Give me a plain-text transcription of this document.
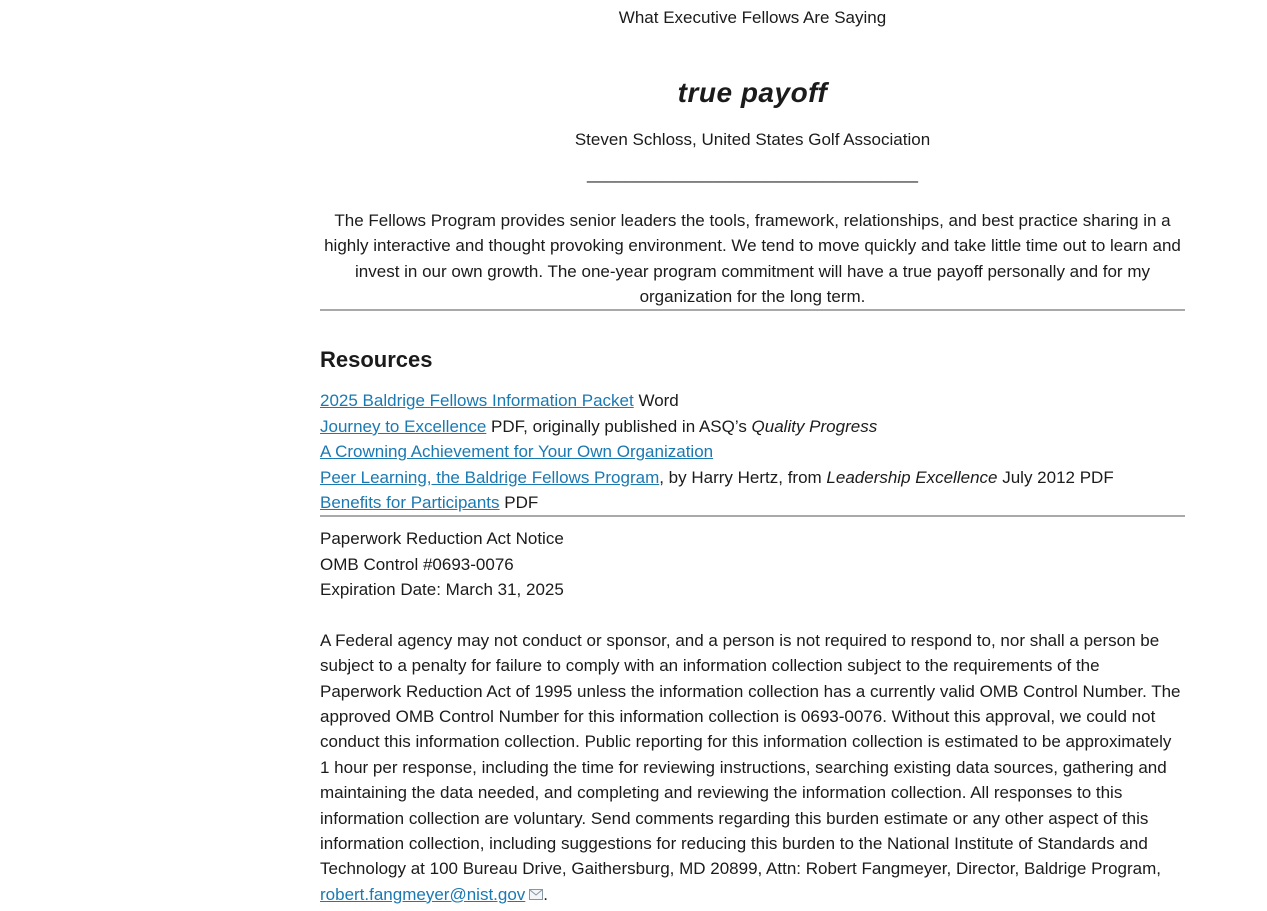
What Executive Fellows Are Saying

true payoff

Steven Schloss, United States Golf Association

___________________________________

The Fellows Program provides senior leaders the tools, framework, relationships, and best practice sharing in a highly interactive and thought provoking environment. We tend to move quickly and take little time out to learn and invest in our own growth. The one-year program commitment will have a true payoff personally and for my organization for the long term.

Resources

2025 Baldrige Fellows Information Packet Word

Journey to Excellence PDF, originally published in ASQ’s Quality Progress

A Crowning Achievement for Your Own Organization

Peer Learning, the Baldrige Fellows Program, by Harry Hertz, from Leadership Excellence July 2012 PDF

Benefits for Participants PDF

Paperwork Reduction Act Notice

OMB Control #0693-0076

Expiration Date: March 31, 2025

A Federal agency may not conduct or sponsor, and a person is not required to respond to, nor shall a person be subject to a penalty for failure to comply with an information collection subject to the requirements of the Paperwork Reduction Act of 1995 unless the information collection has a currently valid OMB Control Number. The approved OMB Control Number for this information collection is 0693-0076. Without this approval, we could not conduct this information collection. Public reporting for this information collection is estimated to be approximately 1 hour per response, including the time for reviewing instructions, searching existing data sources, gathering and maintaining the data needed, and completing and reviewing the information collection. All responses to this information collection are voluntary. Send comments regarding this burden estimate or any other aspect of this information collection, including suggestions for reducing this burden to the National Institute of Standards and Technology at 100 Bureau Drive, Gaithersburg, MD 20899, Attn: Robert Fangmeyer, Director, Baldrige Program, robert.fangmeyer@nist.gov .
